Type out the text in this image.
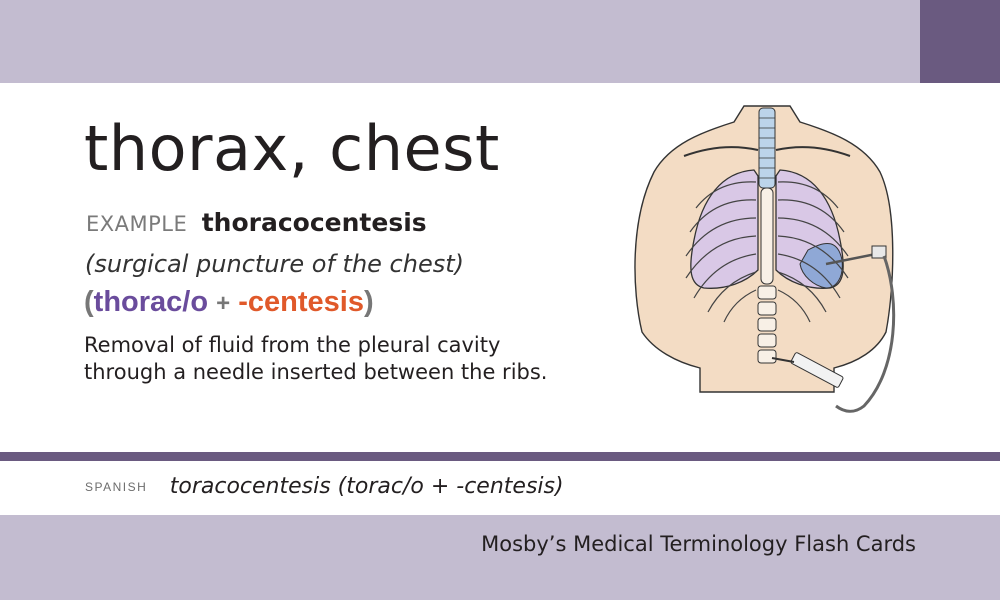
thorax, chest
EXAMPLE thoracocentesis
(surgical puncture of the chest)
(thorac/o + -centesis)

Removal of fluid from the pleural cavity through a needle inserted between the ribs.

SPANISH toracocentesis (torac/o + -centesis)
Mosby’s Medical Terminology Flash Cards
